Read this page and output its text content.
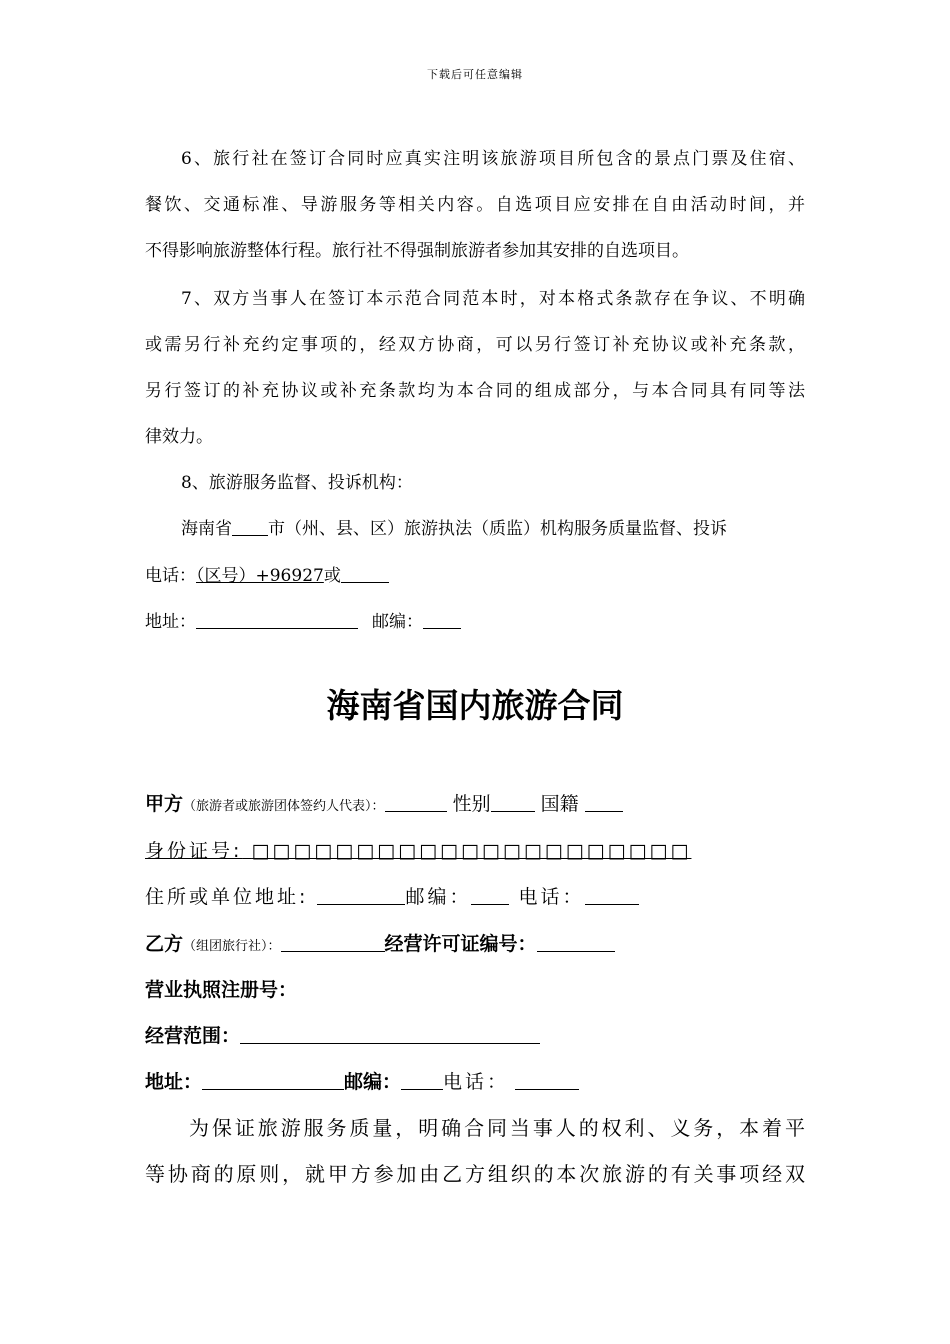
下载后可任意编辑
6、旅行社在签订合同时应真实注明该旅游项目所包含的景点门票及住宿、
餐饮、交通标准、导游服务等相关内容。自选项目应安排在自由活动时间，并
不得影响旅游整体行程。旅行社不得强制旅游者参加其安排的自选项目。
7、双方当事人在签订本示范合同范本时，对本格式条款存在争议、不明确
或需另行补充约定事项的，经双方协商，可以另行签订补充协议或补充条款，
另行签订的补充协议或补充条款均为本合同的组成部分，与本合同具有同等法
律效力。
8、旅游服务监督、投诉机构：
海南省 市（州、县、区）旅游执法（质监）机构服务质量监督、投诉
电话：（区号）+96927或
地址：	邮编：
海南省国内旅游合同
甲方（旅游者或旅游团体签约人代表）：	性别	国籍
身份证号: □□□□□□□□□□□□□□□□□□□□□
住所或单位地址:	邮编： 电话：
乙方（组团旅行社）：	经营许可证编号：
营业执照注册号：
经营范围：
地址：	邮编： 电话：
为保证旅游服务质量，明确合同当事人的权利、义务，本着平
等协商的原则，就甲方参加由乙方组织的本次旅游的有关事项经双
